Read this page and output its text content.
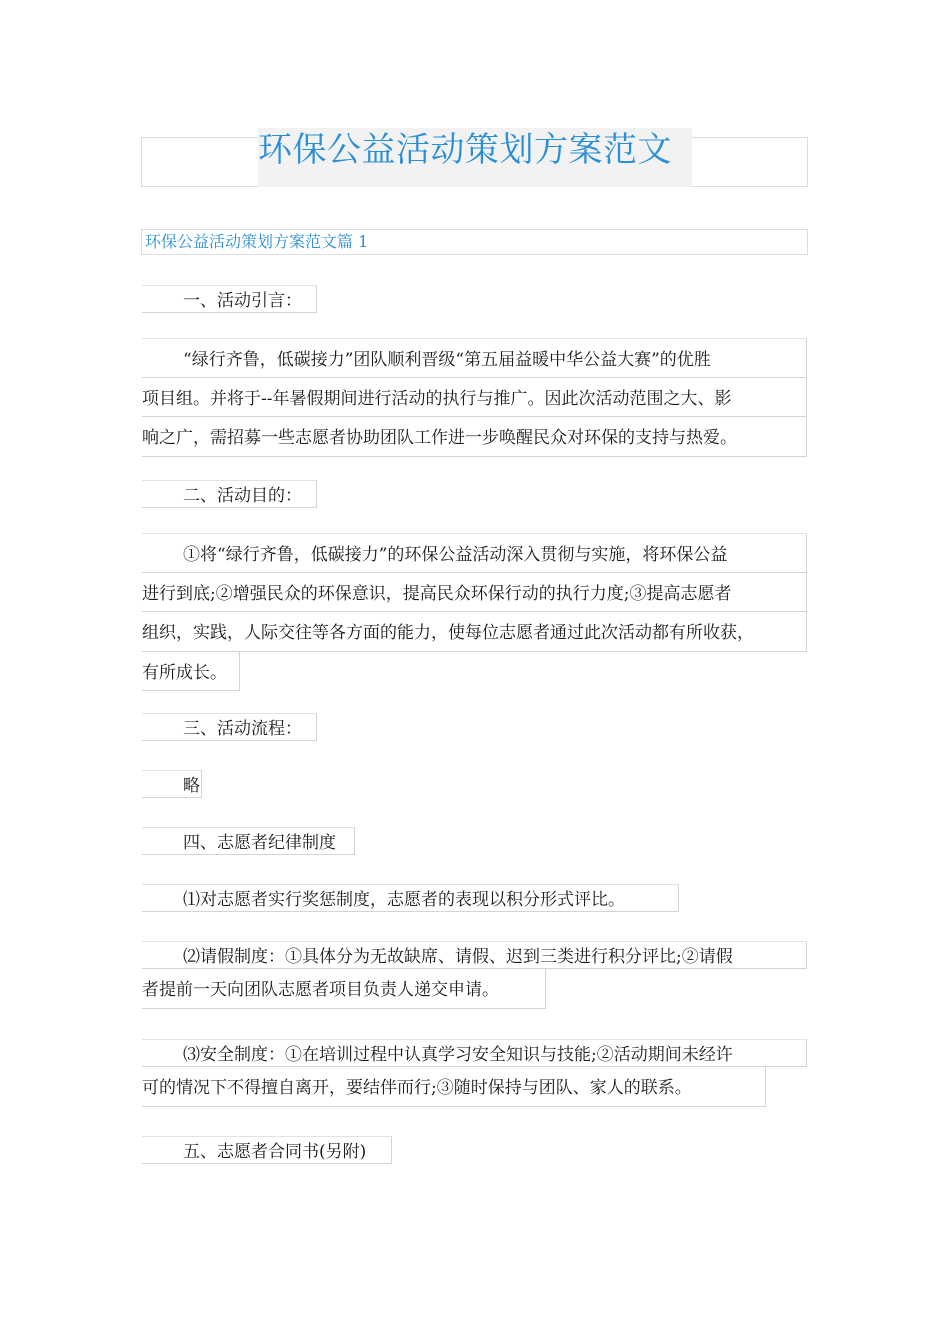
环保公益活动策划方案范文
环保公益活动策划方案范文篇 1
一、活动引言：
“绿行齐鲁，低碳接力”团队顺利晋级“第五届益暖中华公益大赛”的优胜
项目组。并将于--年暑假期间进行活动的执行与推广。因此次活动范围之大、影
响之广，需招募一些志愿者协助团队工作进一步唤醒民众对环保的支持与热爱。
二、活动目的：
①将“绿行齐鲁，低碳接力”的环保公益活动深入贯彻与实施，将环保公益
进行到底;②增强民众的环保意识，提高民众环保行动的执行力度;③提高志愿者
组织，实践，人际交往等各方面的能力，使每位志愿者通过此次活动都有所收获，
有所成长。
三、活动流程：
略
四、志愿者纪律制度
⑴对志愿者实行奖惩制度，志愿者的表现以积分形式评比。
⑵请假制度：①具体分为无故缺席、请假、迟到三类进行积分评比;②请假
者提前一天向团队志愿者项目负责人递交申请。
⑶安全制度：①在培训过程中认真学习安全知识与技能;②活动期间未经许
可的情况下不得擅自离开，要结伴而行;③随时保持与团队、家人的联系。
五、志愿者合同书(另附)
